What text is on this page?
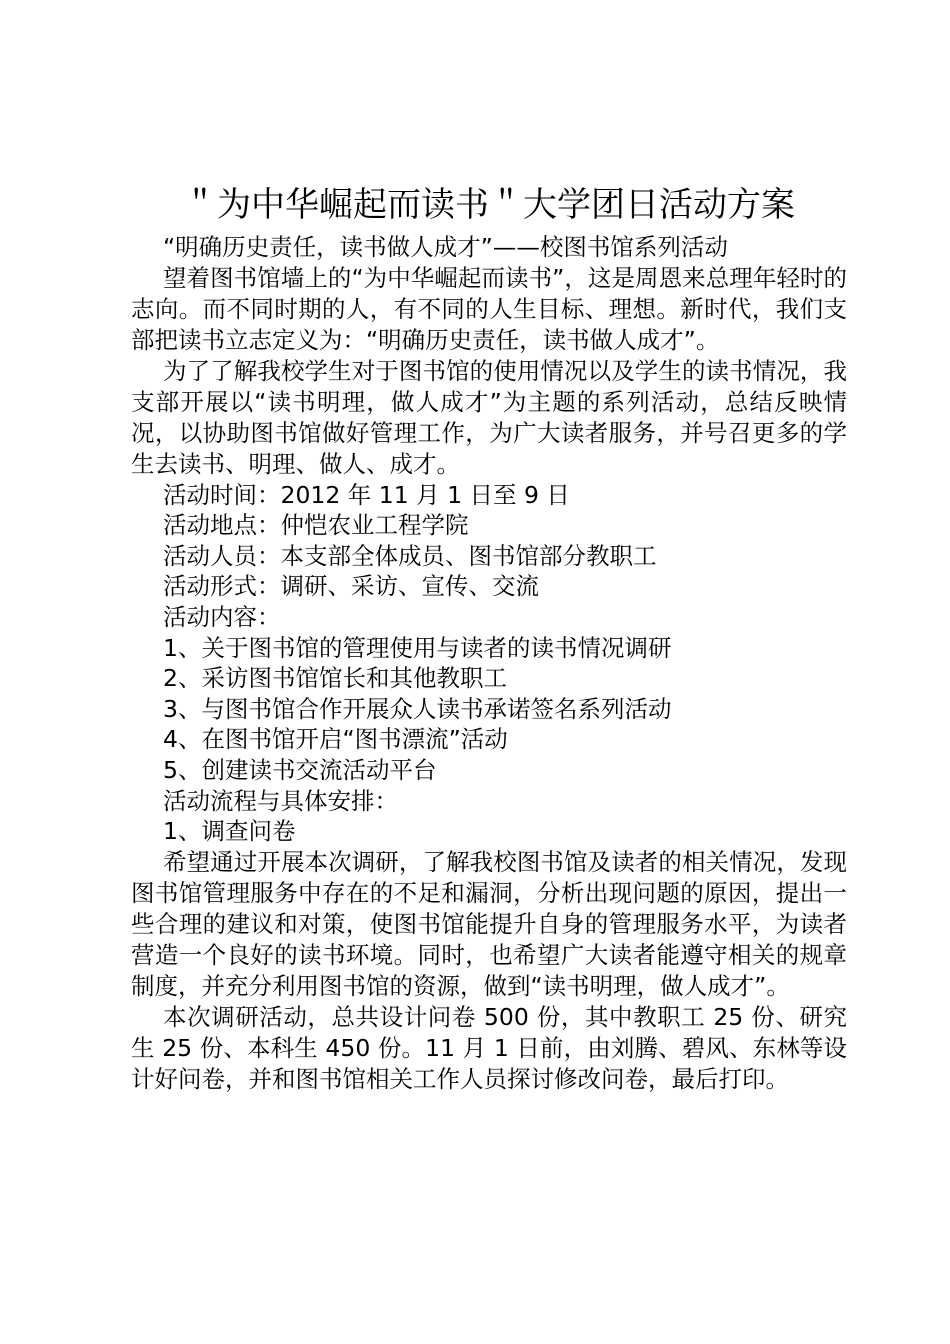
＂为中华崛起而读书＂大学团日活动方案

“明确历史责任，读书做人成才”——校图书馆系列活动

望着图书馆墙上的“为中华崛起而读书”，这是周恩来总理年轻时的志向。而不同时期的人，有不同的人生目标、理想。新时代，我们支部把读书立志定义为：“明确历史责任，读书做人成才”。

为了了解我校学生对于图书馆的使用情况以及学生的读书情况，我支部开展以“读书明理，做人成才”为主题的系列活动，总结反映情况，以协助图书馆做好管理工作，为广大读者服务，并号召更多的学生去读书、明理、做人、成才。

活动时间：2012 年 11 月 1 日至 9 日

活动地点：仲恺农业工程学院

活动人员：本支部全体成员、图书馆部分教职工

活动形式：调研、采访、宣传、交流

活动内容：

1、关于图书馆的管理使用与读者的读书情况调研

2、采访图书馆馆长和其他教职工

3、与图书馆合作开展众人读书承诺签名系列活动

4、在图书馆开启“图书漂流”活动

5、创建读书交流活动平台

活动流程与具体安排：

1、调查问卷

希望通过开展本次调研，了解我校图书馆及读者的相关情况，发现图书馆管理服务中存在的不足和漏洞，分析出现问题的原因，提出一些合理的建议和对策，使图书馆能提升自身的管理服务水平，为读者营造一个良好的读书环境。同时，也希望广大读者能遵守相关的规章制度，并充分利用图书馆的资源，做到“读书明理，做人成才”。

本次调研活动，总共设计问卷 500 份，其中教职工 25 份、研究生 25 份、本科生 450 份。11 月 1 日前，由刘腾、碧风、东林等设计好问卷，并和图书馆相关工作人员探讨修改问卷，最后打印。
